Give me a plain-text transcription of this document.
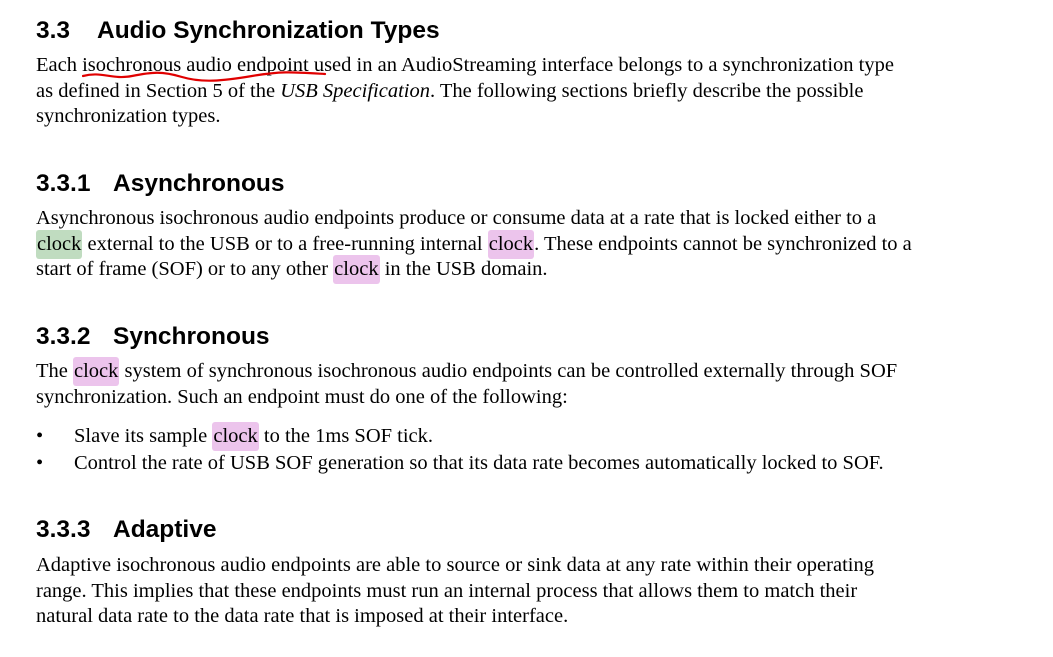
3.3 Audio Synchronization Types

Each isochronous audio endpoint used in an AudioStreaming interface belongs to a synchronization type
as defined in Section 5 of the USB Specification. The following sections briefly describe the possible
synchronization types.

3.3.1 Asynchronous

Asynchronous isochronous audio endpoints produce or consume data at a rate that is locked either to a
clock external to the USB or to a free-running internal clock. These endpoints cannot be synchronized to a
start of frame (SOF) or to any other clock in the USB domain.

3.3.2 Synchronous

The clock system of synchronous isochronous audio endpoints can be controlled externally through SOF
synchronization. Such an endpoint must do one of the following:

• Slave its sample clock to the 1ms SOF tick.
• Control the rate of USB SOF generation so that its data rate becomes automatically locked to SOF.
3.3.3 Adaptive

Adaptive isochronous audio endpoints are able to source or sink data at any rate within their operating
range. This implies that these endpoints must run an internal process that allows them to match their
natural data rate to the data rate that is imposed at their interface.
